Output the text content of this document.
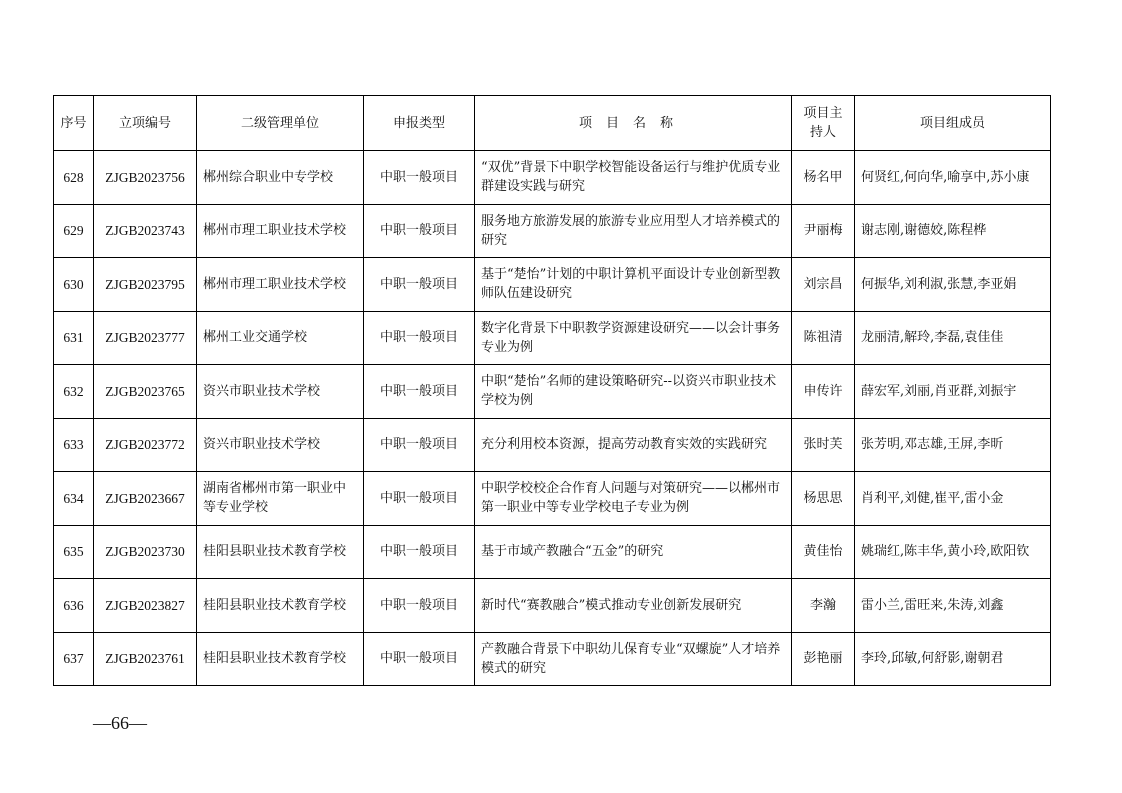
序号	立项编号	二级管理单位	申报类型	项目名称	项目主持人	项目组成员
628	ZJGB2023756	郴州综合职业中专学校	中职一般项目	“双优”背景下中职学校智能设备运行与维护优质专业群建设实践与研究	杨名甲	何贤红,何向华,喻享中,苏小康
629	ZJGB2023743	郴州市理工职业技术学校	中职一般项目	服务地方旅游发展的旅游专业应用型人才培养模式的研究	尹丽梅	谢志刚,谢德姣,陈程桦
630	ZJGB2023795	郴州市理工职业技术学校	中职一般项目	基于“楚怡”计划的中职计算机平面设计专业创新型教师队伍建设研究	刘宗昌	何振华,刘利淑,张慧,李亚娟
631	ZJGB2023777	郴州工业交通学校	中职一般项目	数字化背景下中职教学资源建设研究——以会计事务专业为例	陈祖清	龙丽清,解玲,李磊,袁佳佳
632	ZJGB2023765	资兴市职业技术学校	中职一般项目	中职“楚怡”名师的建设策略研究--以资兴市职业技术学校为例	申传许	薛宏军,刘丽,肖亚群,刘振宇
633	ZJGB2023772	资兴市职业技术学校	中职一般项目	充分利用校本资源，提高劳动教育实效的实践研究	张时芙	张芳明,邓志雄,王屏,李昕
634	ZJGB2023667	湖南省郴州市第一职业中等专业学校	中职一般项目	中职学校校企合作育人问题与对策研究——以郴州市第一职业中等专业学校电子专业为例	杨思思	肖利平,刘健,崔平,雷小金
635	ZJGB2023730	桂阳县职业技术教育学校	中职一般项目	基于市域产教融合“五金”的研究	黄佳怡	姚瑞红,陈丰华,黄小玲,欧阳钦
636	ZJGB2023827	桂阳县职业技术教育学校	中职一般项目	新时代“赛教融合”模式推动专业创新发展研究	李瀚	雷小兰,雷旺来,朱涛,刘鑫
637	ZJGB2023761	桂阳县职业技术教育学校	中职一般项目	产教融合背景下中职幼儿保育专业“双螺旋”人才培养模式的研究	彭艳丽	李玲,邱敏,何舒影,谢朝君
—66—
